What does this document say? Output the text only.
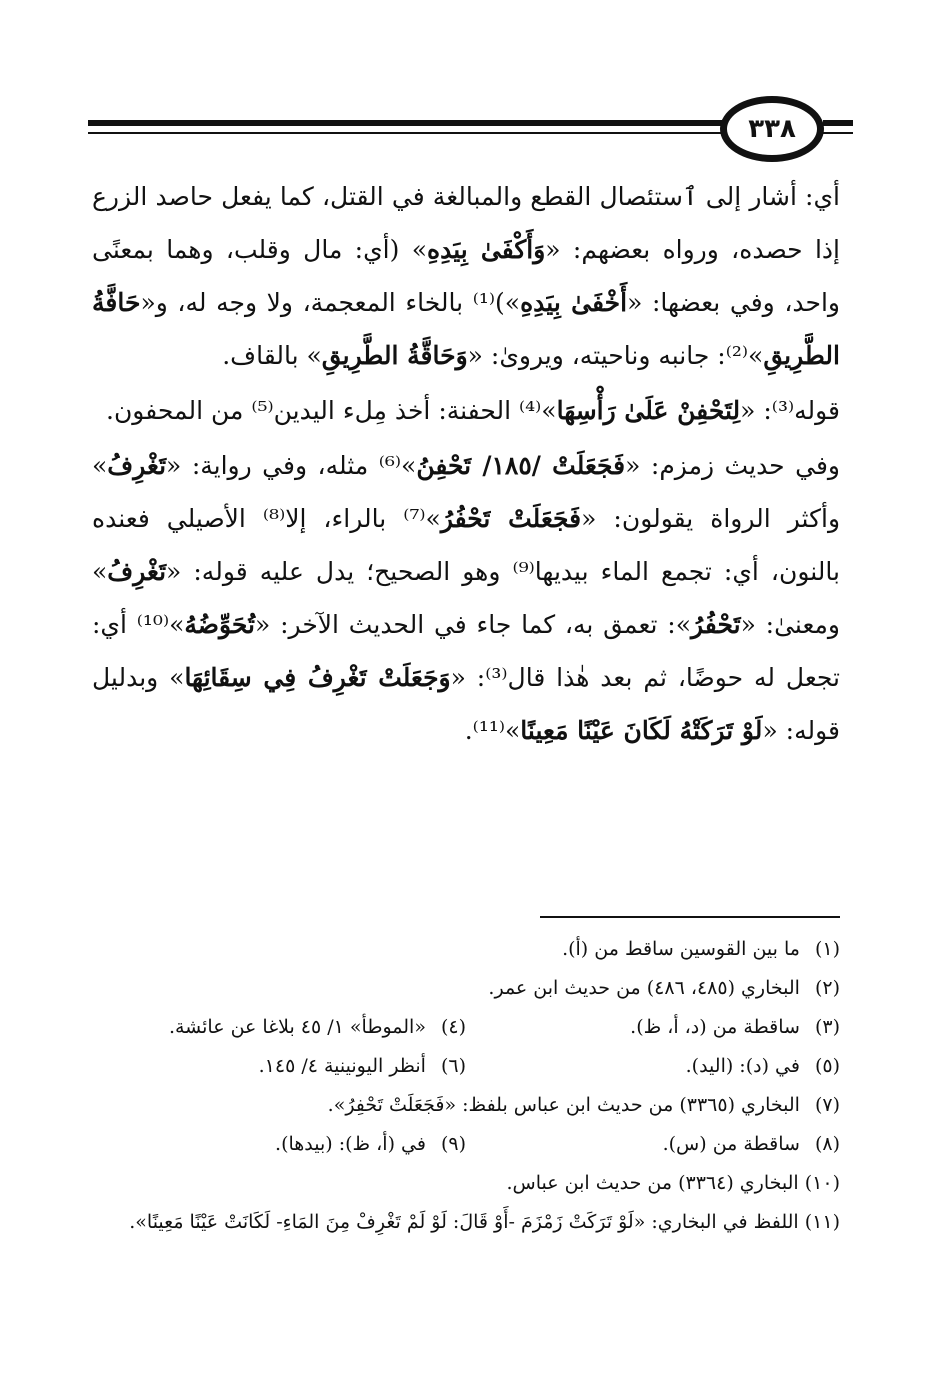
٣٣٨

أي: أشار إلى ٱستئصال القطع والمبالغة في القتل، كما يفعل حاصد الزرع إذا حصده، ورواه بعضهم: «وَأَكْفَىٰ بِيَدِهِ» (أي: مال وقلب، وهما بمعنًى واحد، وفي بعضها: «أَخْفَىٰ بِيَدِهِ»)⁽¹⁾ بالخاء المعجمة، ولا وجه له، و«حَافَّةُ الطَّرِيقِ»⁽²⁾: جانبه وناحيته، ويروىٰ: «وَحَاقَّةُ الطَّرِيقِ» بالقاف.

قوله⁽³⁾: «لِتَحْفِنْ عَلَىٰ رَأْسِهَا»⁽⁴⁾ الحفنة: أخذ مِلء اليدين⁽⁵⁾ من المحفون.

وفي حديث زمزم: «فَجَعَلَتْ /١٨٥/ تَحْفِنُ»⁽⁶⁾ مثله، وفي رواية: «تَغْرِفُ» وأكثر الرواة يقولون: «فَجَعَلَتْ تَحْفُرُ»⁽⁷⁾ بالراء، إلا⁽⁸⁾ الأصيلي فعنده بالنون، أي: تجمع الماء بيديها⁽⁹⁾ وهو الصحيح؛ يدل عليه قوله: «تَغْرِفُ» ومعنىٰ: «تَحْفُرُ»: تعمق به، كما جاء في الحديث الآخر: «تُحَوِّضُهُ»⁽¹⁰⁾ أي: تجعل له حوضًا، ثم بعد هٰذا قال⁽³⁾: «وَجَعَلَتْ تَغْرِفُ فِي سِقَائِهَا» وبدليل قوله: «لَوْ تَرَكَتْهُ لَكَانَ عَيْنًا مَعِينًا»⁽¹¹⁾.

(١) ما بين القوسين ساقط من (أ).
(٢) البخاري (٤٨٥، ٤٨٦) من حديث ابن عمر.
(٣) ساقطة من (د، أ، ظ).
(٤) «الموطأ» ١/ ٤٥ بلاغا عن عائشة.
(٥) في (د): (اليد).
(٦) أنظر اليونينية ٤/ ١٤٥.
(٧) البخاري (٣٣٦٥) من حديث ابن عباس بلفظ: «فَجَعَلَتْ تَحْفِرُ».
(٨) ساقطة من (س).
(٩) في (أ، ظ): (بيدها).
(١٠) البخاري (٣٣٦٤) من حديث ابن عباس.
(١١) اللفظ في البخاري: «لَوْ تَرَكَتْ زَمْزَمَ -أَوْ قَالَ: لَوْ لَمْ تَغْرِفْ مِنَ المَاءِ- لَكَانَتْ عَيْنًا مَعِينًا».
